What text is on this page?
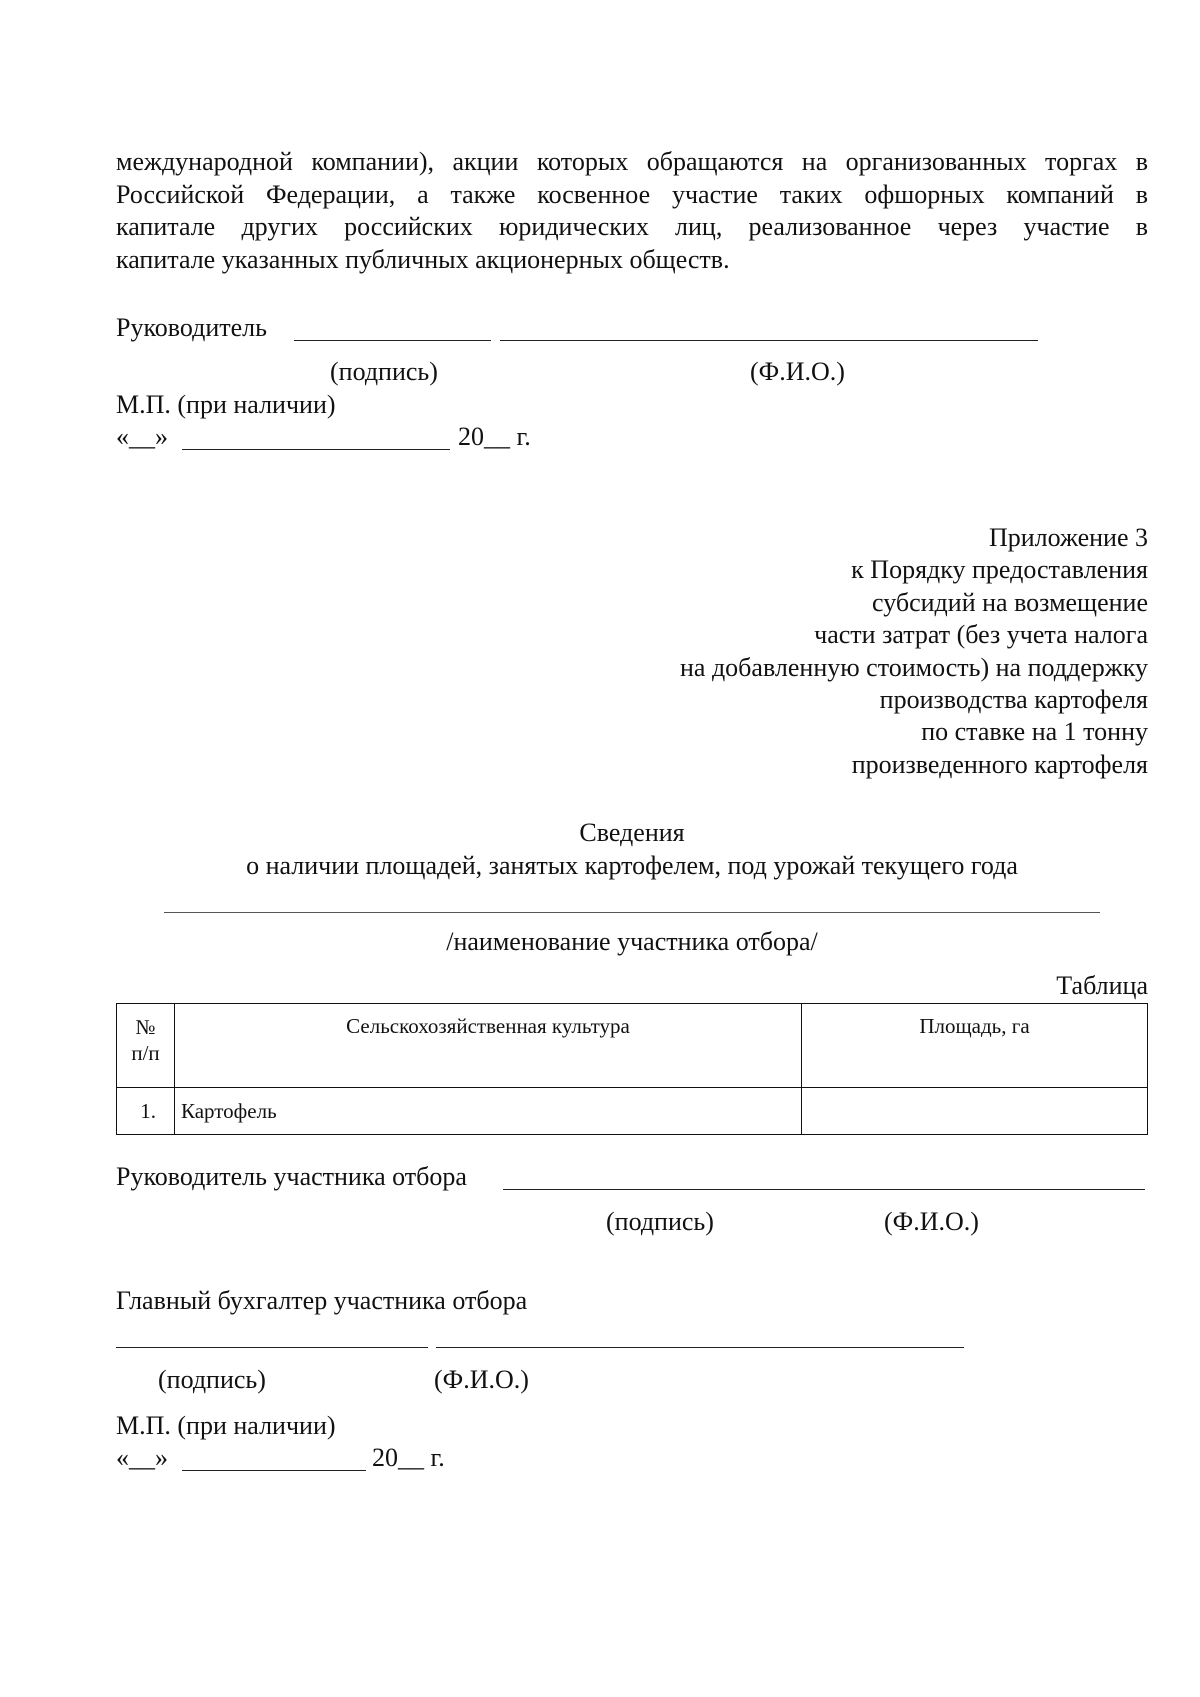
международной компании), акции которых обращаются на организованных торгах в
Российской Федерации, а также косвенное участие таких офшорных компаний в
капитале других российских юридических лиц, реализованное через участие в
капитале указанных публичных акционерных обществ.
Руководитель
(подпись)	(Ф.И.О.)
М.П. (при наличии)
«__»	20__ г.
Приложение 3
к Порядку предоставления
субсидий на возмещение
части затрат (без учета налога
на добавленную стоимость) на поддержку
производства картофеля
по ставке на 1 тонну
произведенного картофеля
Сведения
о наличии площадей, занятых картофелем, под урожай текущего года
/наименование участника отбора/
Таблица
№
п/п	Сельскохозяйственная культура	Площадь, га
1.	Картофель	
Руководитель участника отбора
(подпись)	(Ф.И.О.)
Главный бухгалтер участника отбора
(подпись)	(Ф.И.О.)
М.П. (при наличии)
«__»	20__ г.
